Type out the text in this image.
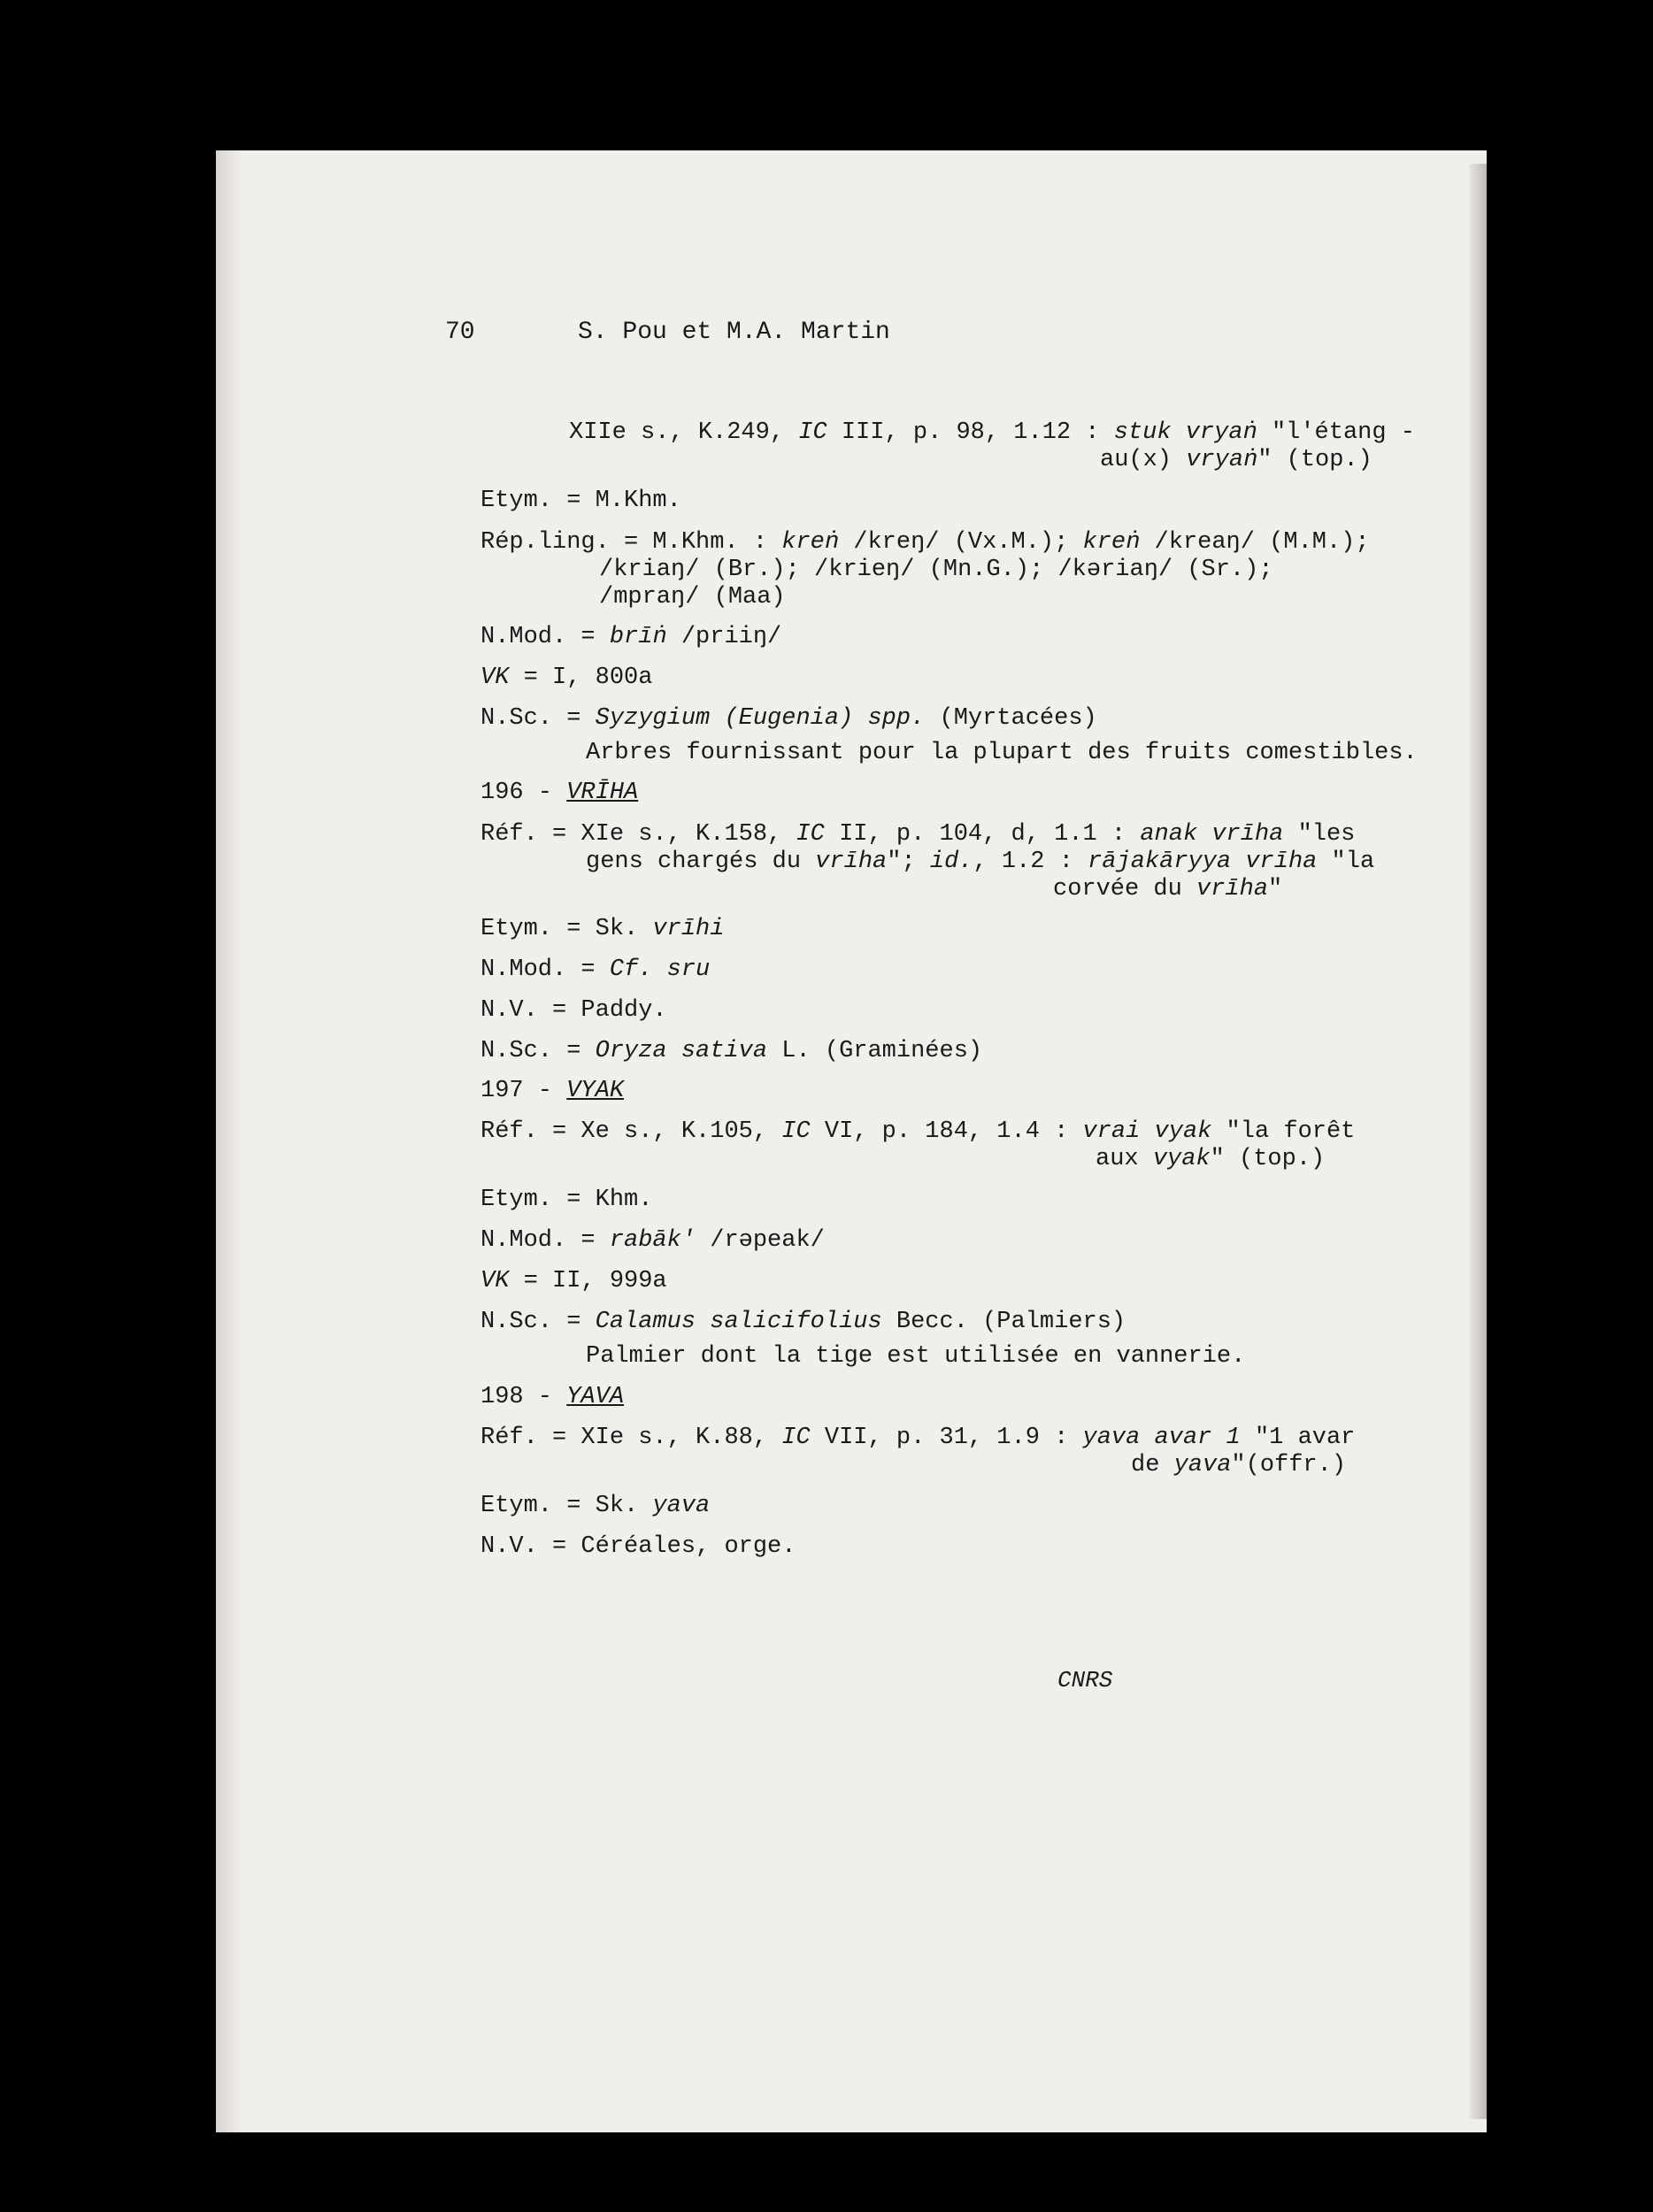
70	S. Pou et M.A. Martin
XIIe s., K.249, IC III, p. 98, 1.12 : stuk vryaṅ "l'étang -
au(x) vryaṅ" (top.)
Etym. = M.Khm.
Rép.ling. = M.Khm. : kreṅ /kreŋ/ (Vx.M.); kreṅ /kreaŋ/ (M.M.);
/kriaŋ/ (Br.); /krieŋ/ (Mn.G.); /kəriaŋ/ (Sr.);
/mpraŋ/ (Maa)
N.Mod. = brīṅ /priiŋ/
VK = I, 800a
N.Sc. = Syzygium (Eugenia) spp. (Myrtacées)
Arbres fournissant pour la plupart des fruits comestibles.
196 - VRĪHA
Réf. = XIe s., K.158, IC II, p. 104, d, 1.1 : anak vrīha "les
gens chargés du vrīha"; id., 1.2 : rājakāryya vrīha "la
corvée du vrīha"
Etym. = Sk. vrīhi
N.Mod. = Cf. sru
N.V. = Paddy.
N.Sc. = Oryza sativa L. (Graminées)
197 - VYAK
Réf. = Xe s., K.105, IC VI, p. 184, 1.4 : vrai vyak "la forêt
aux vyak" (top.)
Etym. = Khm.
N.Mod. = rabāk' /rəpeak/
VK = II, 999a
N.Sc. = Calamus salicifolius Becc. (Palmiers)
Palmier dont la tige est utilisée en vannerie.
198 - YAVA
Réf. = XIe s., K.88, IC VII, p. 31, 1.9 : yava avar 1 "1 avar
de yava"(offr.)
Etym. = Sk. yava
N.V. = Céréales, orge.
CNRS
